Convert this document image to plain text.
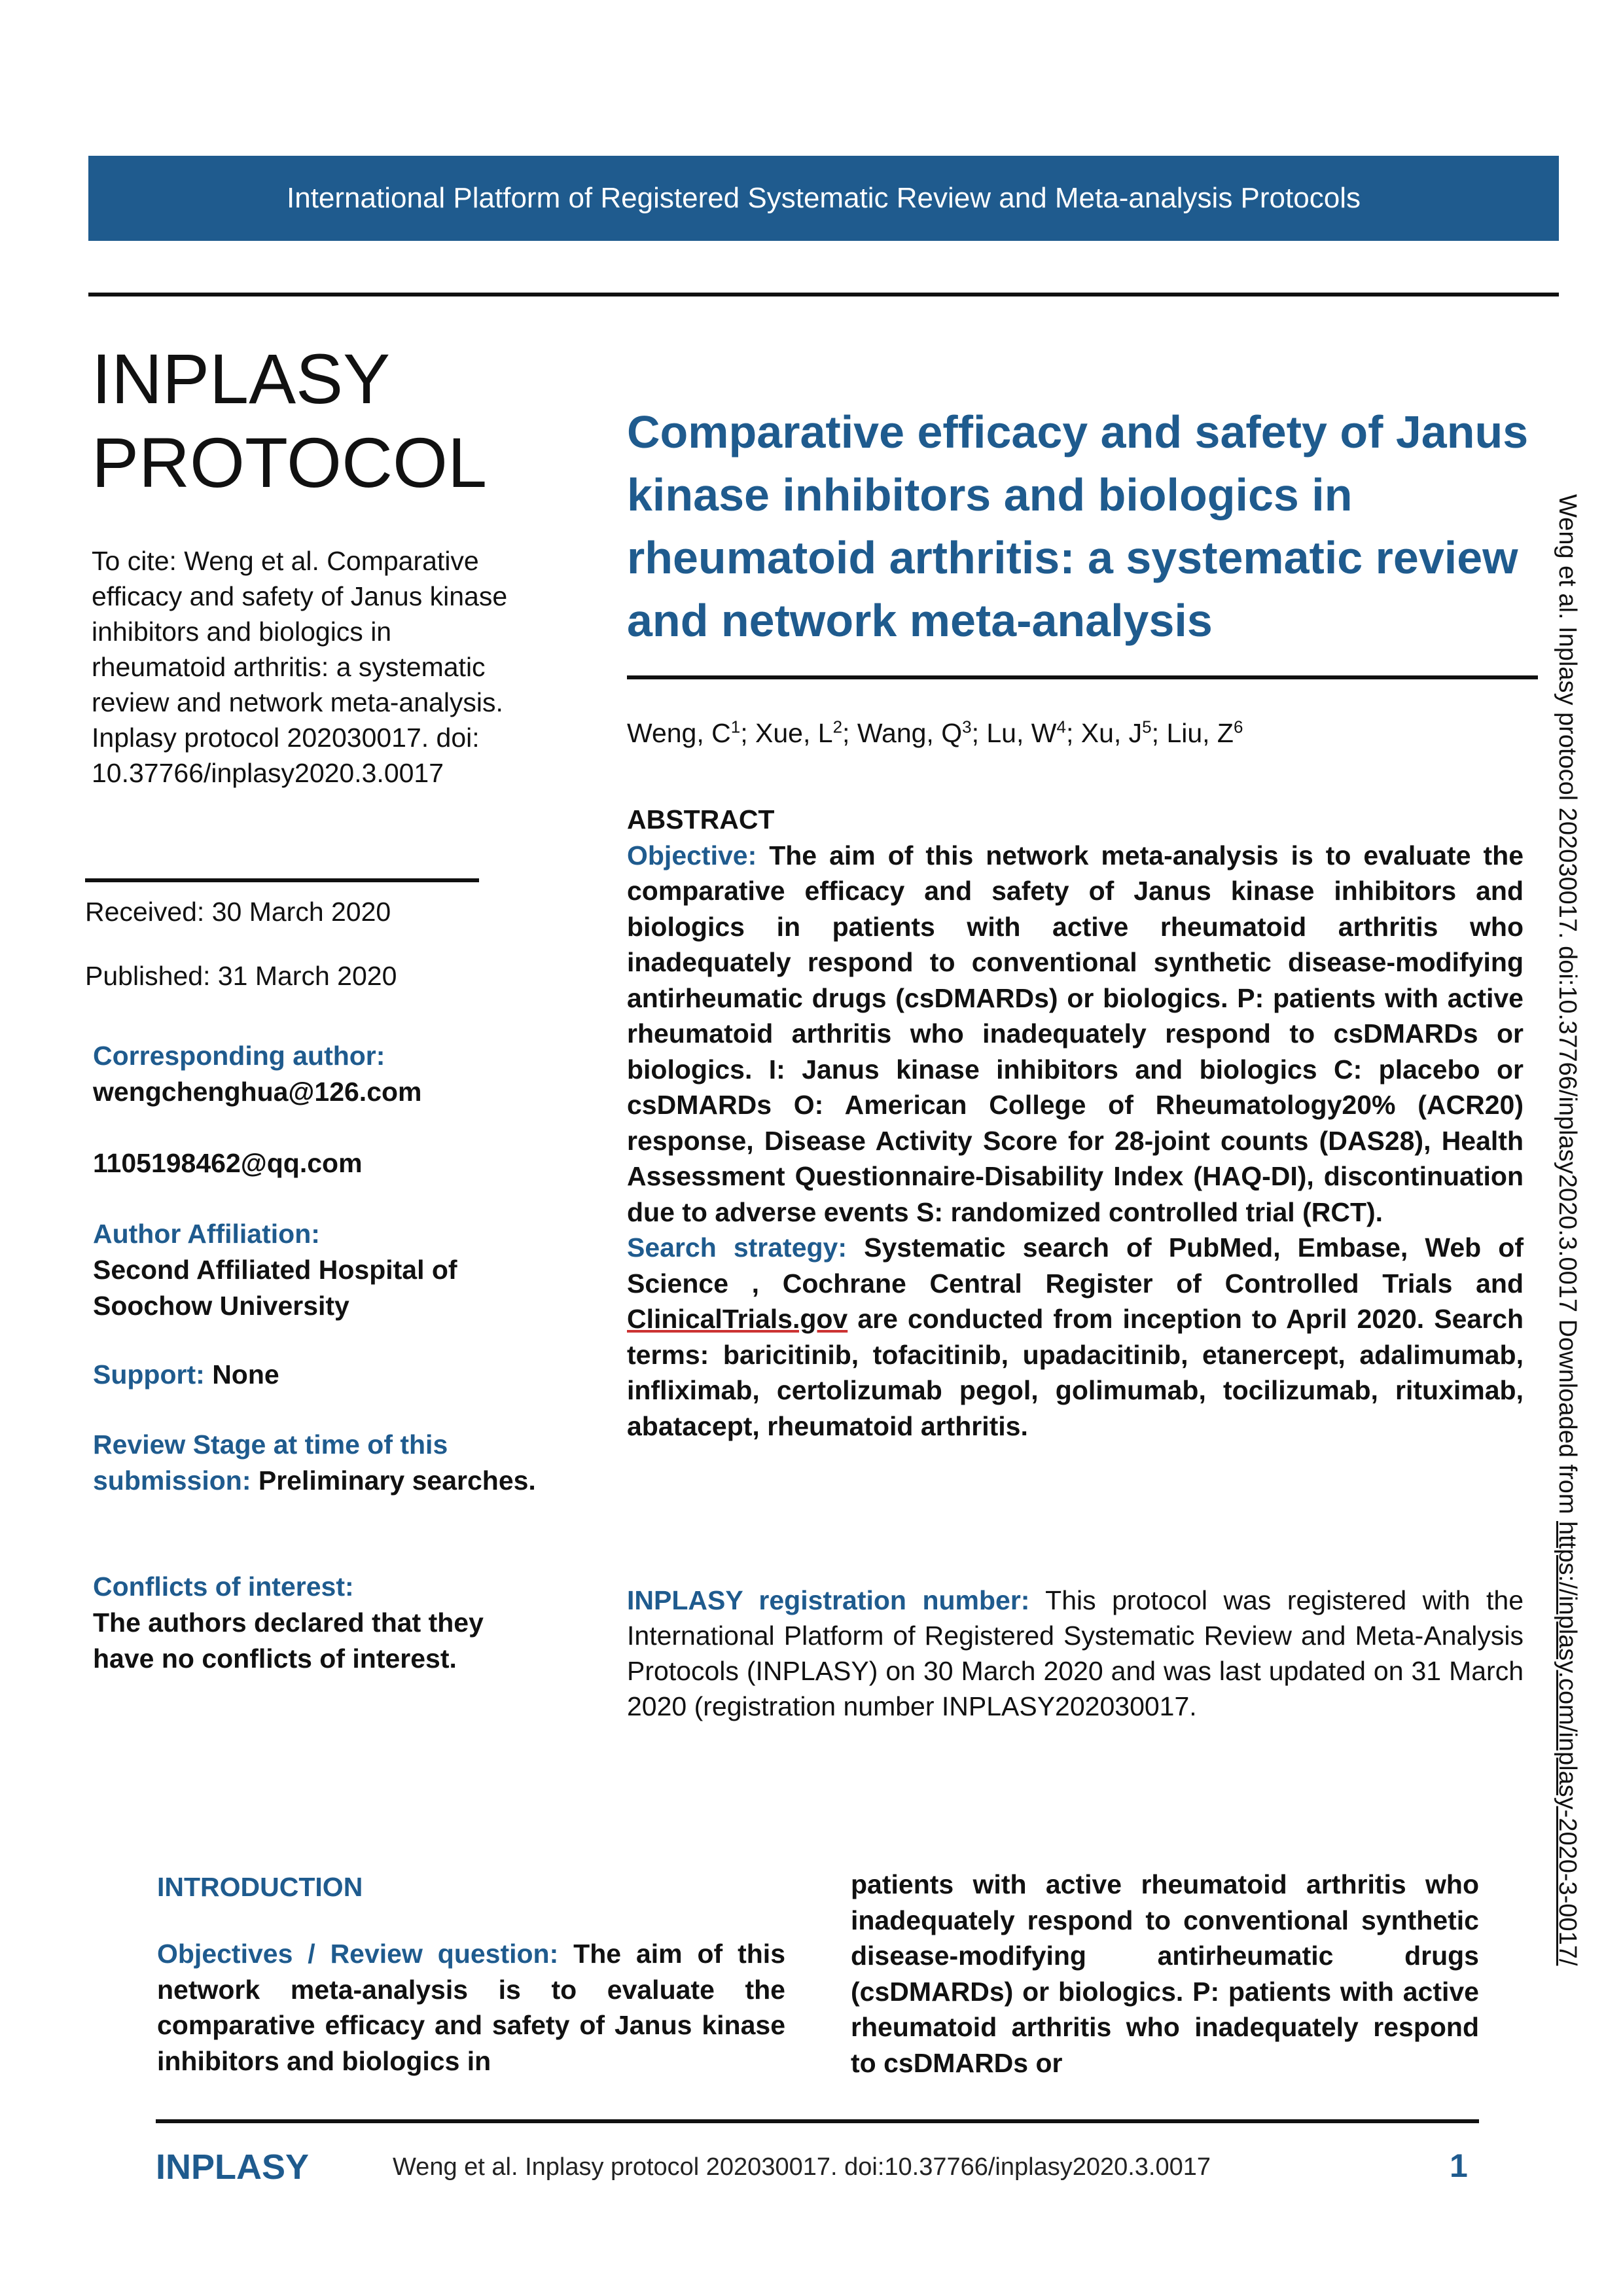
International Platform of Registered Systematic Review and Meta-analysis Protocols
INPLASY
PROTOCOL
To cite: Weng et al. Comparative efficacy and safety of Janus kinase inhibitors and biologics in rheumatoid arthritis: a systematic review and network meta-analysis. Inplasy protocol 202030017. doi: 10.37766/inplasy2020.3.0017
Received: 30 March 2020
Published: 31 March 2020
Corresponding author:
wengchenghua@126.com
1105198462@qq.com
Author Affiliation:
Second Affiliated Hospital of Soochow University
Support: None
Review Stage at time of this submission: Preliminary searches.
Conflicts of interest:
The authors declared that they have no conflicts of interest.
Comparative efficacy and safety of Janus kinase inhibitors and biologics in rheumatoid arthritis: a systematic review and network meta-analysis
Weng, $C^1$; Xue, $L^2$; Wang, $Q^3$; Lu, $W^4$; Xu, $J^5$; Liu, $Z^6$
ABSTRACT
Objective: The aim of this network meta-analysis is to evaluate the comparative efficacy and safety of Janus kinase inhibitors and biologics in patients with active rheumatoid arthritis who inadequately respond to conventional synthetic disease-modifying antirheumatic drugs (csDMARDs) or biologics. P: patients with active rheumatoid arthritis who inadequately respond to csDMARDs or biologics. I: Janus kinase inhibitors and biologics C: placebo or csDMARDs O: American College of Rheumatology20% (ACR20) response, Disease Activity Score for 28-joint counts (DAS28), Health Assessment Questionnaire-Disability Index (HAQ-DI), discontinuation due to adverse events S: randomized controlled trial (RCT).
Search strategy: Systematic search of PubMed, Embase, Web of Science , Cochrane Central Register of Controlled Trials and ClinicalTrials.gov are conducted from inception to April 2020. Search terms: baricitinib, tofacitinib, upadacitinib, etanercept, adalimumab, infliximab, certolizumab pegol, golimumab, tocilizumab, rituximab, abatacept, rheumatoid arthritis.
INPLASY registration number: This protocol was registered with the International Platform of Registered Systematic Review and Meta-Analysis Protocols (INPLASY) on 30 March 2020 and was last updated on 31 March 2020 (registration number INPLASY202030017.
INTRODUCTION
Objectives / Review question: The aim of this network meta-analysis is to evaluate the comparative efficacy and safety of Janus kinase inhibitors and biologics in
patients with active rheumatoid arthritis who inadequately respond to conventional synthetic disease-modifying antirheumatic drugs (csDMARDs) or biologics. P: patients with active rheumatoid arthritis who inadequately respond to csDMARDs or
INPLASY	Weng et al. Inplasy protocol 202030017. doi:10.37766/inplasy2020.3.0017	1
Weng et al. Inplasy protocol 202030017. doi:10.37766/inplasy2020.3.0017 Downloaded from https://inplasy.com/inplasy-2020-3-0017/
